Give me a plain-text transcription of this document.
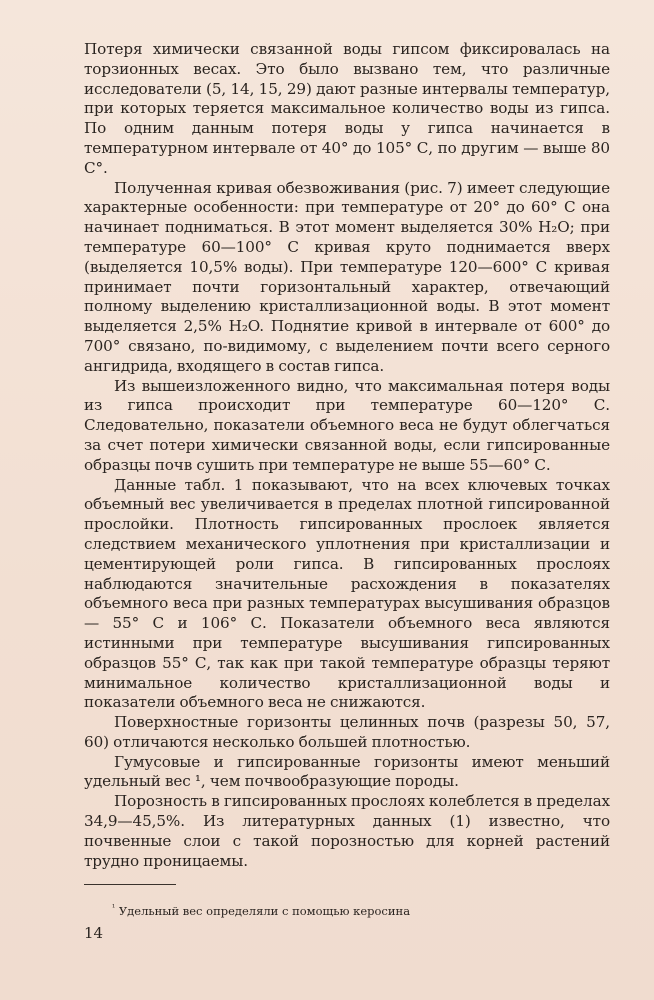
Потеря химически связанной воды гипсом фиксировалась на торзионных весах. Это было вызвано тем, что различные исследователи (5, 14, 15, 29) дают разные интервалы температур, при которых теряется максимальное количество воды из гипса. По одним данным потеря воды у гипса начинается в температурном интервале от 40° до 105° С, по другим — выше 80 С°.

Полученная кривая обезвоживания (рис. 7) имеет следующие характерные особенности: при температуре от 20° до 60° С она начинает подниматься. В этот момент выделяется 30% H₂O; при температуре 60—100° С кривая круто поднимается вверх (выделяется 10,5% воды). При температуре 120—600° С кривая принимает почти горизонтальный характер, отвечающий полному выделению кристаллизационной воды. В этот момент выделяется 2,5% H₂O. Поднятие кривой в интервале от 600° до 700° связано, по-видимому, с выделением почти всего серного ангидрида, входящего в состав гипса.

Из вышеизложенного видно, что максимальная потеря воды из гипса происходит при температуре 60—120° С. Следовательно, показатели объемного веса не будут облегчаться за счет потери химически связанной воды, если гипсированные образцы почв сушить при температуре не выше 55—60° С.

Данные табл. 1 показывают, что на всех ключевых точках объемный вес увеличивается в пределах плотной гипсированной прослойки. Плотность гипсированных прослоек является следствием механического уплотнения при кристаллизации и цементирующей роли гипса. В гипсированных прослоях наблюдаются значительные расхождения в показателях объемного веса при разных температурах высушивания образцов — 55° С и 106° С. Показатели объемного веса являются истинными при температуре высушивания гипсированных образцов 55° С, так как при такой температуре образцы теряют минимальное количество кристаллизационной воды и показатели объемного веса не снижаются.

Поверхностные горизонты целинных почв (разрезы 50, 57, 60) отличаются несколько большей плотностью.

Гумусовые и гипсированные горизонты имеют меньший удельный вес ¹, чем почвообразующие породы.

Порозность в гипсированных прослоях колеблется в пределах 34,9—45,5%. Из литературных данных (1) известно, что почвенные слои с такой порозностью для корней растений трудно проницаемы.

$^{^1}$ Удельный вес определяли с помощью керосина
14
